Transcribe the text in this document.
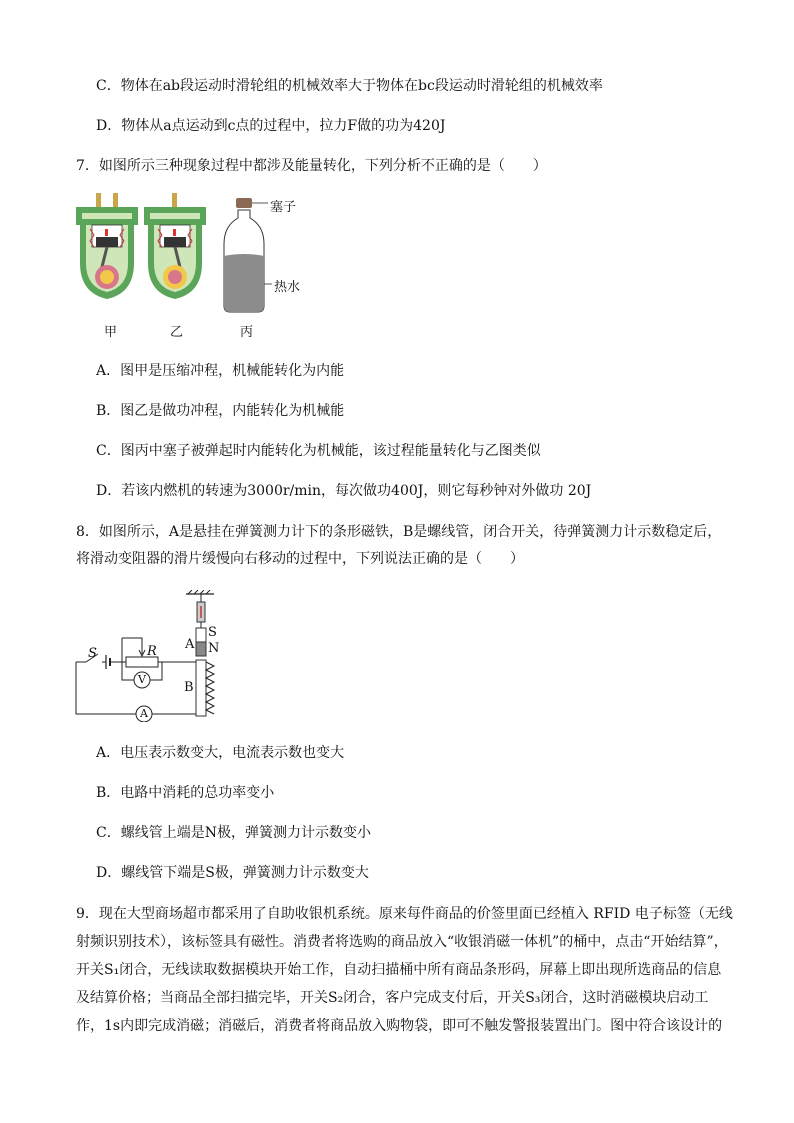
C．物体在ab段运动时滑轮组的机械效率大于物体在bc段运动时滑轮组的机械效率
D．物体从a点运动到c点的过程中，拉力F做的功为420J
7．如图所示三种现象过程中都涉及能量转化，下列分析不正确的是（　　）
塞子
热水
甲	乙	丙
A．图甲是压缩冲程，机械能转化为内能
B．图乙是做功冲程，内能转化为机械能
C．图丙中塞子被弹起时内能转化为机械能，该过程能量转化与乙图类似
D．若该内燃机的转速为3000r/min，每次做功400J，则它每秒钟对外做功 20J
8．如图所示，A是悬挂在弹簧测力计下的条形磁铁，B是螺线管，闭合开关，待弹簧测力计示数稳定后，
将滑动变阻器的滑片缓慢向右移动的过程中，下列说法正确的是（　　）
S	R
V
A
A
B
S
N
A．电压表示数变大，电流表示数也变大
B．电路中消耗的总功率变小
C．螺线管上端是N极，弹簧测力计示数变小
D．螺线管下端是S极，弹簧测力计示数变大
9．现在大型商场超市都采用了自助收银机系统。原来每件商品的价签里面已经植入 RFID 电子标签（无线
射频识别技术），该标签具有磁性。消费者将选购的商品放入“收银消磁一体机”的桶中，点击“开始结算”，
开关S₁闭合，无线读取数据模块开始工作，自动扫描桶中所有商品条形码，屏幕上即出现所选商品的信息
及结算价格；当商品全部扫描完毕，开关S₂闭合，客户完成支付后，开关S₃闭合，这时消磁模块启动工
作，1s内即完成消磁；消磁后，消费者将商品放入购物袋，即可不触发警报装置出门。图中符合该设计的
